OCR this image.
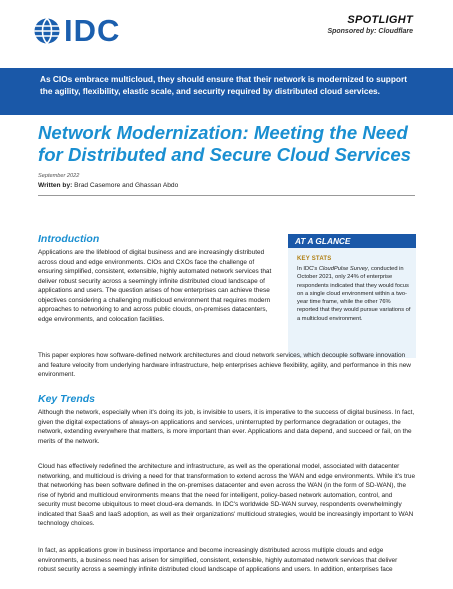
IDC	SPOTLIGHT
Sponsored by: Cloudflare

As CIOs embrace multicloud, they should ensure that their network is modernized to support the agility, flexibility, elastic scale, and security required by distributed cloud services.

Network Modernization: Meeting the Need for Distributed and Secure Cloud Services
September 2022
Written by: Brad Casemore and Ghassan Abdo
Introduction

Applications are the lifeblood of digital business and are increasingly distributed across cloud and edge environments. CIOs and CXOs face the challenge of ensuring simplified, consistent, extensible, highly automated network services that deliver robust security across a seemingly infinite distributed cloud landscape of applications and users. The question arises of how enterprises can achieve these objectives considering a challenging multicloud environment that requires modern approaches to networking to and across public clouds, on-premises datacenters, edge environments, and colocation facilities.

AT A GLANCE
KEY STATS

In IDC's CloudPulse Survey, conducted in October 2021, only 24% of enterprise respondents indicated that they would focus on a single cloud environment within a two-year time frame, while the other 76% reported that they would pursue variations of a multicloud environment.

This paper explores how software-defined network architectures and cloud network services, which decouple software innovation and feature velocity from underlying hardware infrastructure, help enterprises achieve flexibility, agility, and performance in this new environment.

Key Trends

Although the network, especially when it's doing its job, is invisible to users, it is imperative to the success of digital business. In fact, given the digital expectations of always-on applications and services, uninterrupted by performance degradation or outages, the network, extending everywhere that matters, is more important than ever. Applications and data depend, and succeed or fail, on the merits of the network.

Cloud has effectively redefined the architecture and infrastructure, as well as the operational model, associated with datacenter networking, and multicloud is driving a need for that transformation to extend across the WAN and edge environments. While it's true that networking has been software defined in the on-premises datacenter and even across the WAN (in the form of SD-WAN), the rise of hybrid and multicloud environments means that the need for intelligent, policy-based network automation, control, and security must become ubiquitous to meet cloud-era demands. In IDC's worldwide SD-WAN survey, respondents overwhelmingly indicated that SaaS and IaaS adoption, as well as their organizations' multicloud strategies, would be increasingly important to WAN technology choices.

In fact, as applications grow in business importance and become increasingly distributed across multiple clouds and edge environments, a business need has arisen for simplified, consistent, extensible, highly automated network services that deliver robust security across a seemingly infinite distributed cloud landscape of applications and users. In addition, enterprises face
